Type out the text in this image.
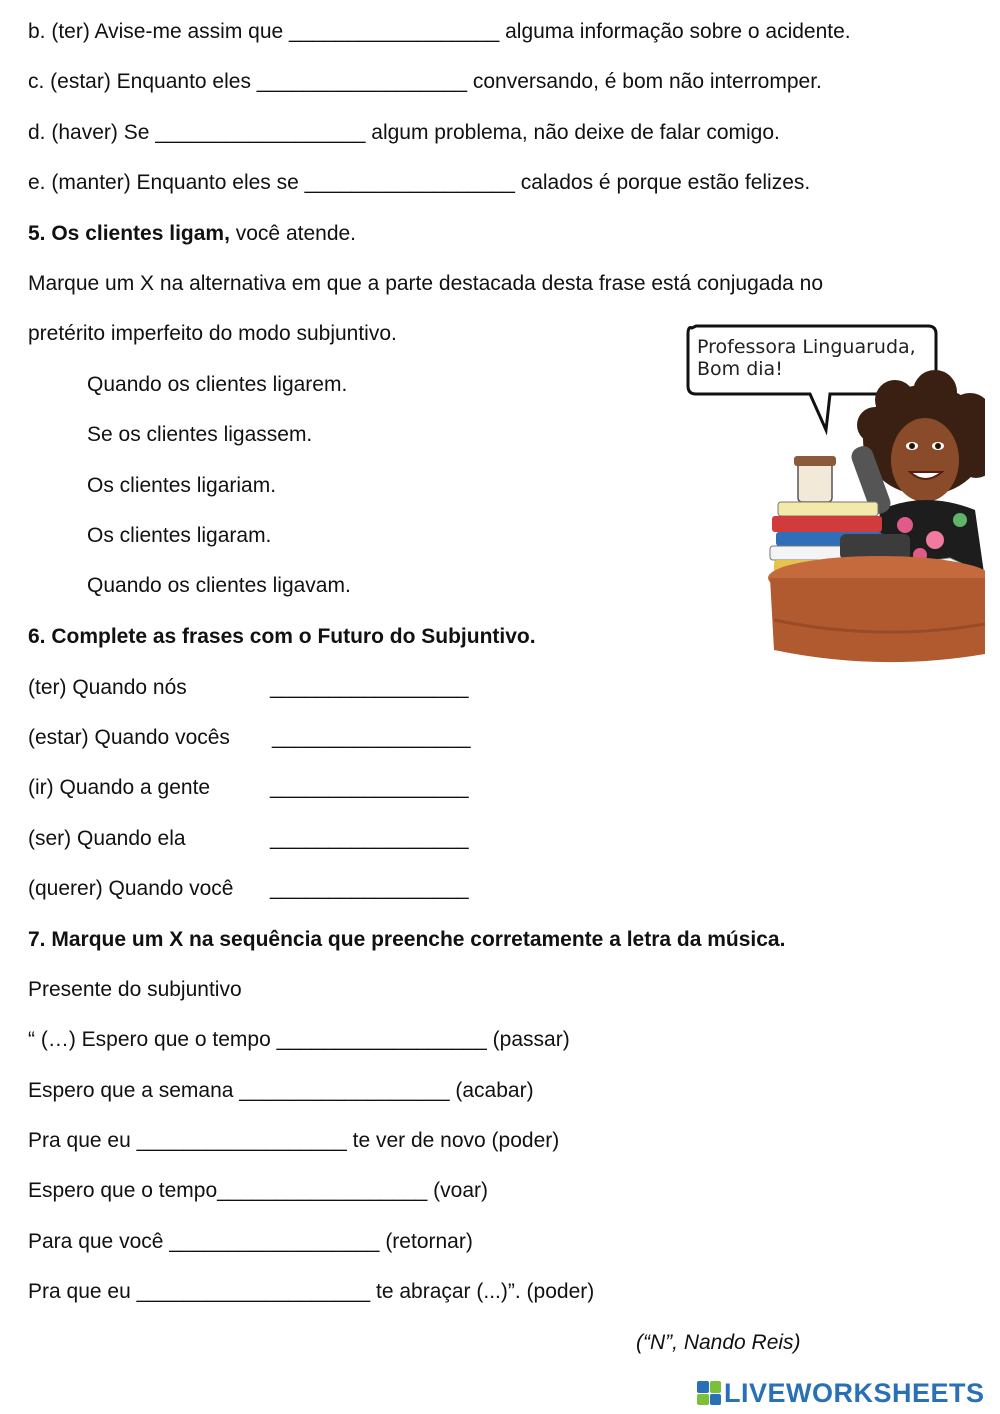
b. (ter) Avise-me assim que __________________ alguma informação sobre o acidente.
c. (estar) Enquanto eles __________________ conversando, é bom não interromper.
d. (haver) Se __________________ algum problema, não deixe de falar comigo.
e. (manter) Enquanto eles se __________________ calados é porque estão felizes.
5. Os clientes ligam, você atende.
Marque um X na alternativa em que a parte destacada desta frase está conjugada no
pretérito imperfeito do modo subjuntivo.
Quando os clientes ligarem.
Se os clientes ligassem.
Os clientes ligariam.
Os clientes ligaram.
Quando os clientes ligavam.
Professora Linguaruda,
Bom dia!
6. Complete as frases com o Futuro do Subjuntivo.
(ter) Quando nós	_________________
(estar) Quando vocês _________________
(ir) Quando a gente	_________________
(ser) Quando ela	_________________
(querer) Quando você _________________
7. Marque um X na sequência que preenche corretamente a letra da música.
Presente do subjuntivo
“ (…) Espero que o tempo __________________ (passar)
Espero que a semana __________________ (acabar)
Pra que eu __________________ te ver de novo (poder)
Espero que o tempo__________________ (voar)
Para que você __________________ (retornar)
Pra que eu ____________________ te abraçar (...)”. (poder)
(“N”, Nando Reis)
LIVEWORKSHEETS
